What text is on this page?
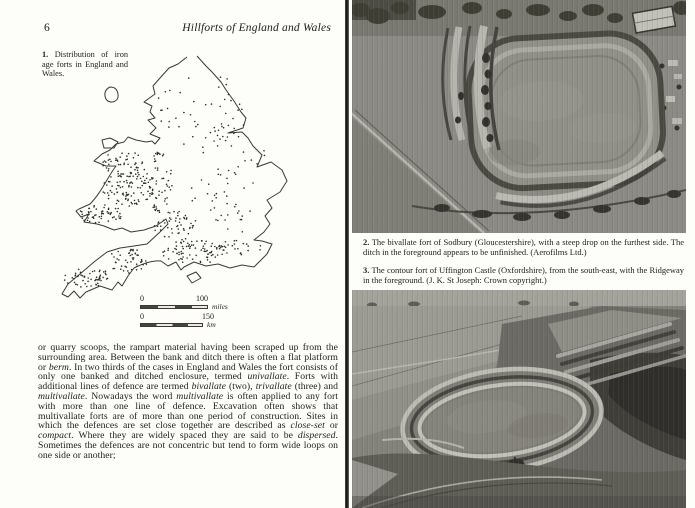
6	Hillforts of England and Wales

1. Distribution of iron age forts in England and Wales.

0	100
miles
0	150
km

or quarry scoops, the rampart material having been scraped up from the surrounding area. Between the bank and ditch there is often a flat platform or berm. In two thirds of the cases in England and Wales the fort consists of only one banked and ditched enclosure, termed univallate. Forts with additional lines of defence are termed bivallate (two), trivallate (three) and multivallate. Nowadays the word multivallate is often applied to any fort with more than one line of defence. Excavation often shows that multivallate forts are of more than one period of construction. Sites in which the defences are set close together are described as close-set or compact. Where they are widely spaced they are said to be dispersed. Sometimes the defences are not concentric but tend to form wide loops on one side or another;

2. The bivallate fort of Sodbury (Gloucestershire), with a steep drop on the furthest side. The ditch in the foreground appears to be unfinished. (Aerofilms Ltd.)

3. The contour fort of Uffington Castle (Oxfordshire), from the south-east, with the Ridgeway in the foreground. (J. K. St Joseph: Crown copyright.)
